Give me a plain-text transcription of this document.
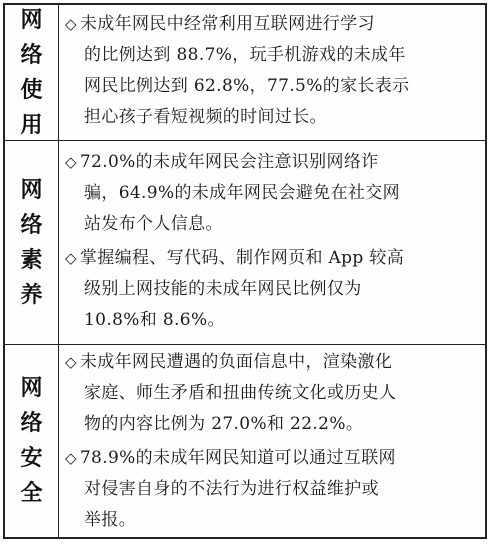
网
络
使
用
◇ 未成年网民中经常利用互联网进行学习
的比例达到 88.7%，玩手机游戏的未成年
网民比例达到 62.8%，77.5%的家长表示
担心孩子看短视频的时间过长。
网
络
素
养
◇ 72.0%的未成年网民会注意识别网络诈
骗，64.9%的未成年网民会避免在社交网
站发布个人信息。
◇ 掌握编程、写代码、制作网页和 App 较高
级别上网技能的未成年网民比例仅为
10.8%和 8.6%。
网
络
安
全
◇ 未成年网民遭遇的负面信息中，渲染激化
家庭、师生矛盾和扭曲传统文化或历史人
物的内容比例为 27.0%和 22.2%。
◇ 78.9%的未成年网民知道可以通过互联网
对侵害自身的不法行为进行权益维护或
举报。
